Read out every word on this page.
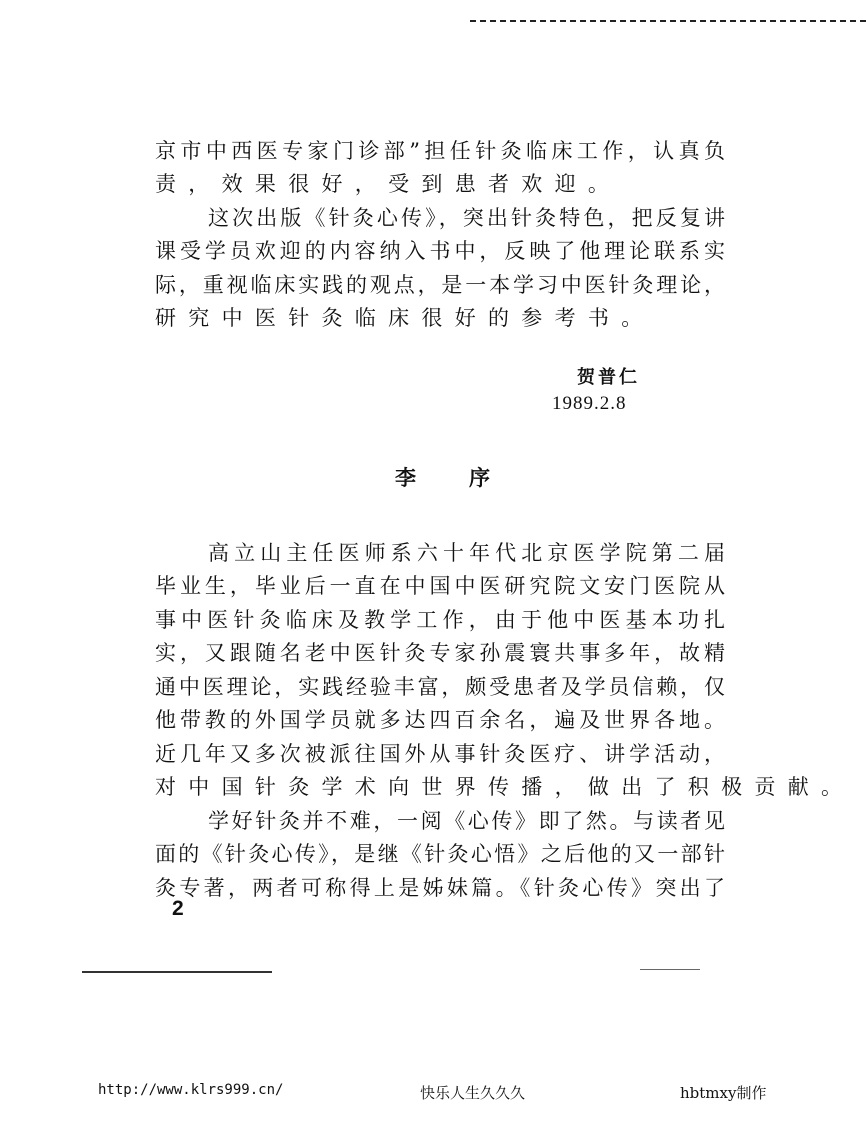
京市中西医专家门诊部”担任针灸临床工作，认真负
责，效果很好，受到患者欢迎。
这次出版《针灸心传》，突出针灸特色，把反复讲
课受学员欢迎的内容纳入书中，反映了他理论联系实
际，重视临床实践的观点，是一本学习中医针灸理论，
研究中医针灸临床很好的参考书。
贺普仁
1989.2.8
李序
高立山主任医师系六十年代北京医学院第二届
毕业生，毕业后一直在中国中医研究院文安门医院从
事中医针灸临床及教学工作，由于他中医基本功扎
实，又跟随名老中医针灸专家孙震寰共事多年，故精
通中医理论，实践经验丰富，颇受患者及学员信赖，仅
他带教的外国学员就多达四百余名，遍及世界各地。
近几年又多次被派往国外从事针灸医疗、讲学活动，
对中国针灸学术向世界传播，做出了积极贡献。
学好针灸并不难，一阅《心传》即了然。与读者见
面的《针灸心传》，是继《针灸心悟》之后他的又一部针
灸专著，两者可称得上是姊妹篇。《针灸心传》突出了
2
http://www.klrs999.cn/	快乐人生久久久	hbtmxy制作
